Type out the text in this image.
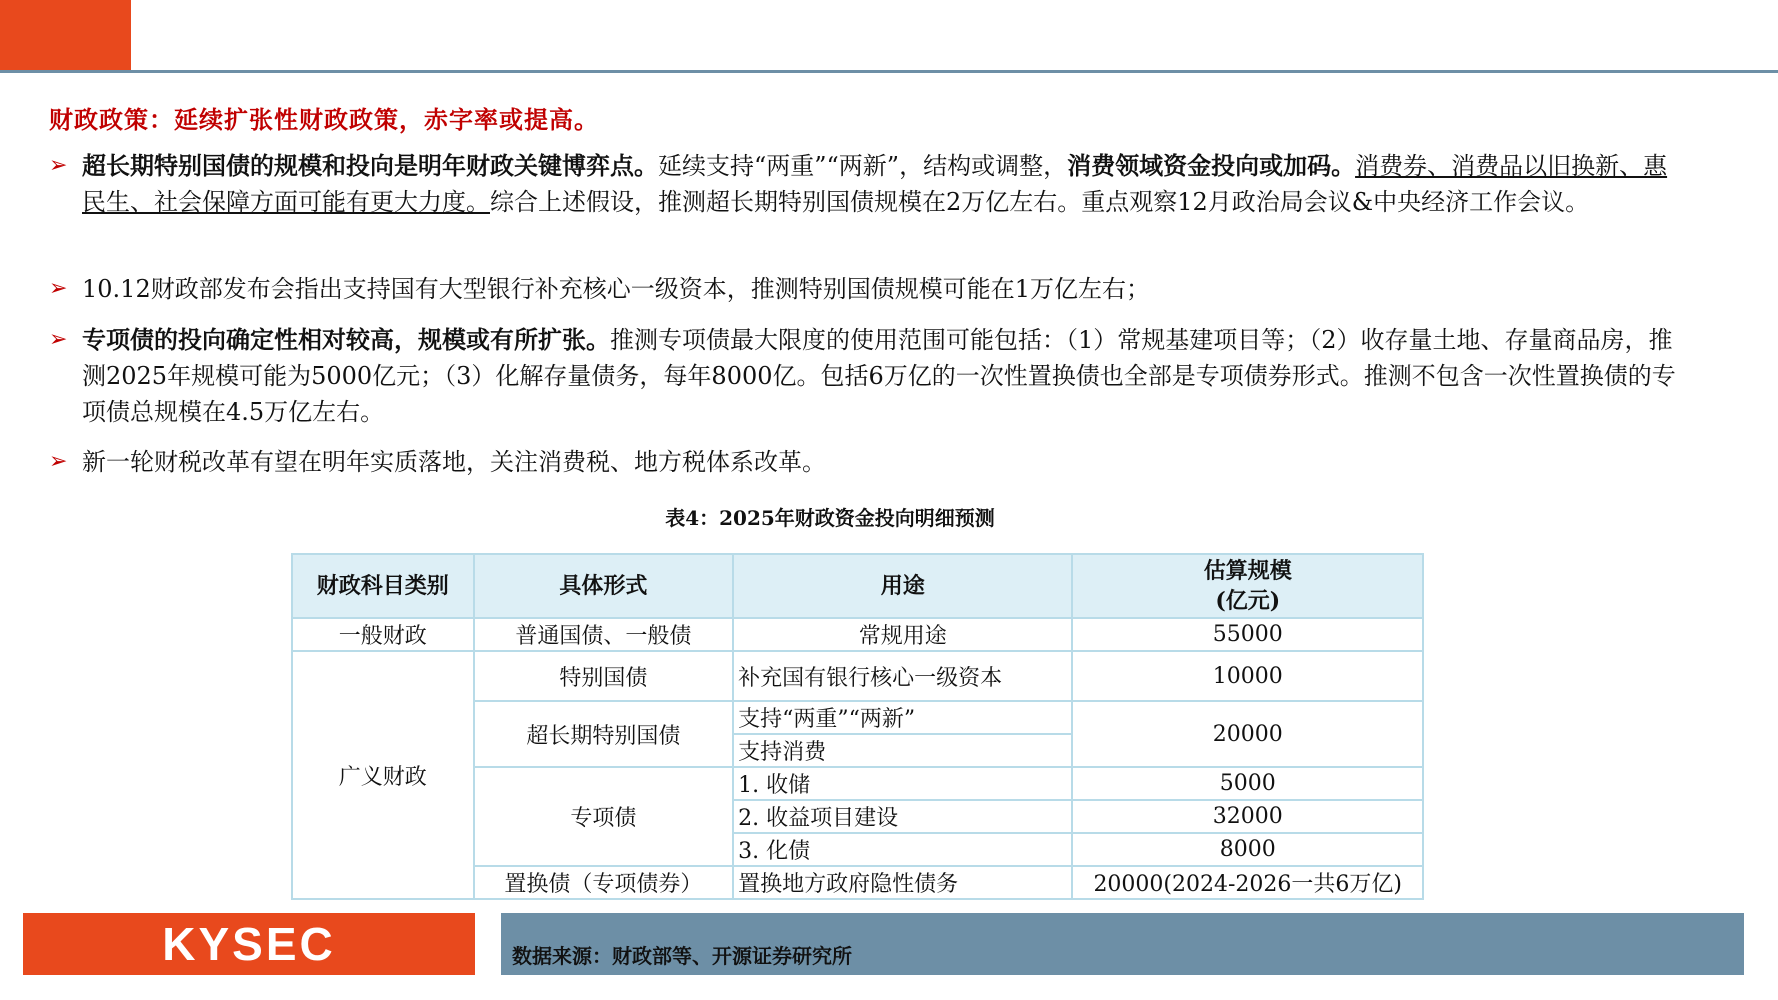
财政政策：延续扩张性财政政策，赤字率或提高。
➢ 超长期特别国债的规模和投向是明年财政关键博弈点。延续支持“两重”“两新”，结构或调整，消费领域资金投向或加码。消费券、消费品以旧换新、惠民生、社会保障方面可能有更大力度。综合上述假设，推测超长期特别国债规模在2万亿左右。重点观察12月政治局会议&中央经济工作会议。
➢ 10.12财政部发布会指出支持国有大型银行补充核心一级资本，推测特别国债规模可能在1万亿左右；
➢ 专项债的投向确定性相对较高，规模或有所扩张。推测专项债最大限度的使用范围可能包括：（1）常规基建项目等；（2）收存量土地、存量商品房，推测2025年规模可能为5000亿元；（3）化解存量债务，每年8000亿。包括6万亿的一次性置换债也全部是专项债券形式。推测不包含一次性置换债的专项债总规模在4.5万亿左右。
➢ 新一轮财税改革有望在明年实质落地，关注消费税、地方税体系改革。
表4：2025年财政资金投向明细预测
财政科目类别	具体形式	用途	估算规模
(亿元)
一般财政	普通国债、一般债	常规用途	55000
广义财政	特别国债	补充国有银行核心一级资本	10000
	超长期特别国债	支持“两重”“两新”	20000
		支持消费	
	专项债	1. 收储	5000
		2. 收益项目建设	32000
		3. 化债	8000
	置换债（专项债券）	置换地方政府隐性债务	20000(2024-2026一共6万亿)
KYSEC	数据来源：财政部等、开源证券研究所
